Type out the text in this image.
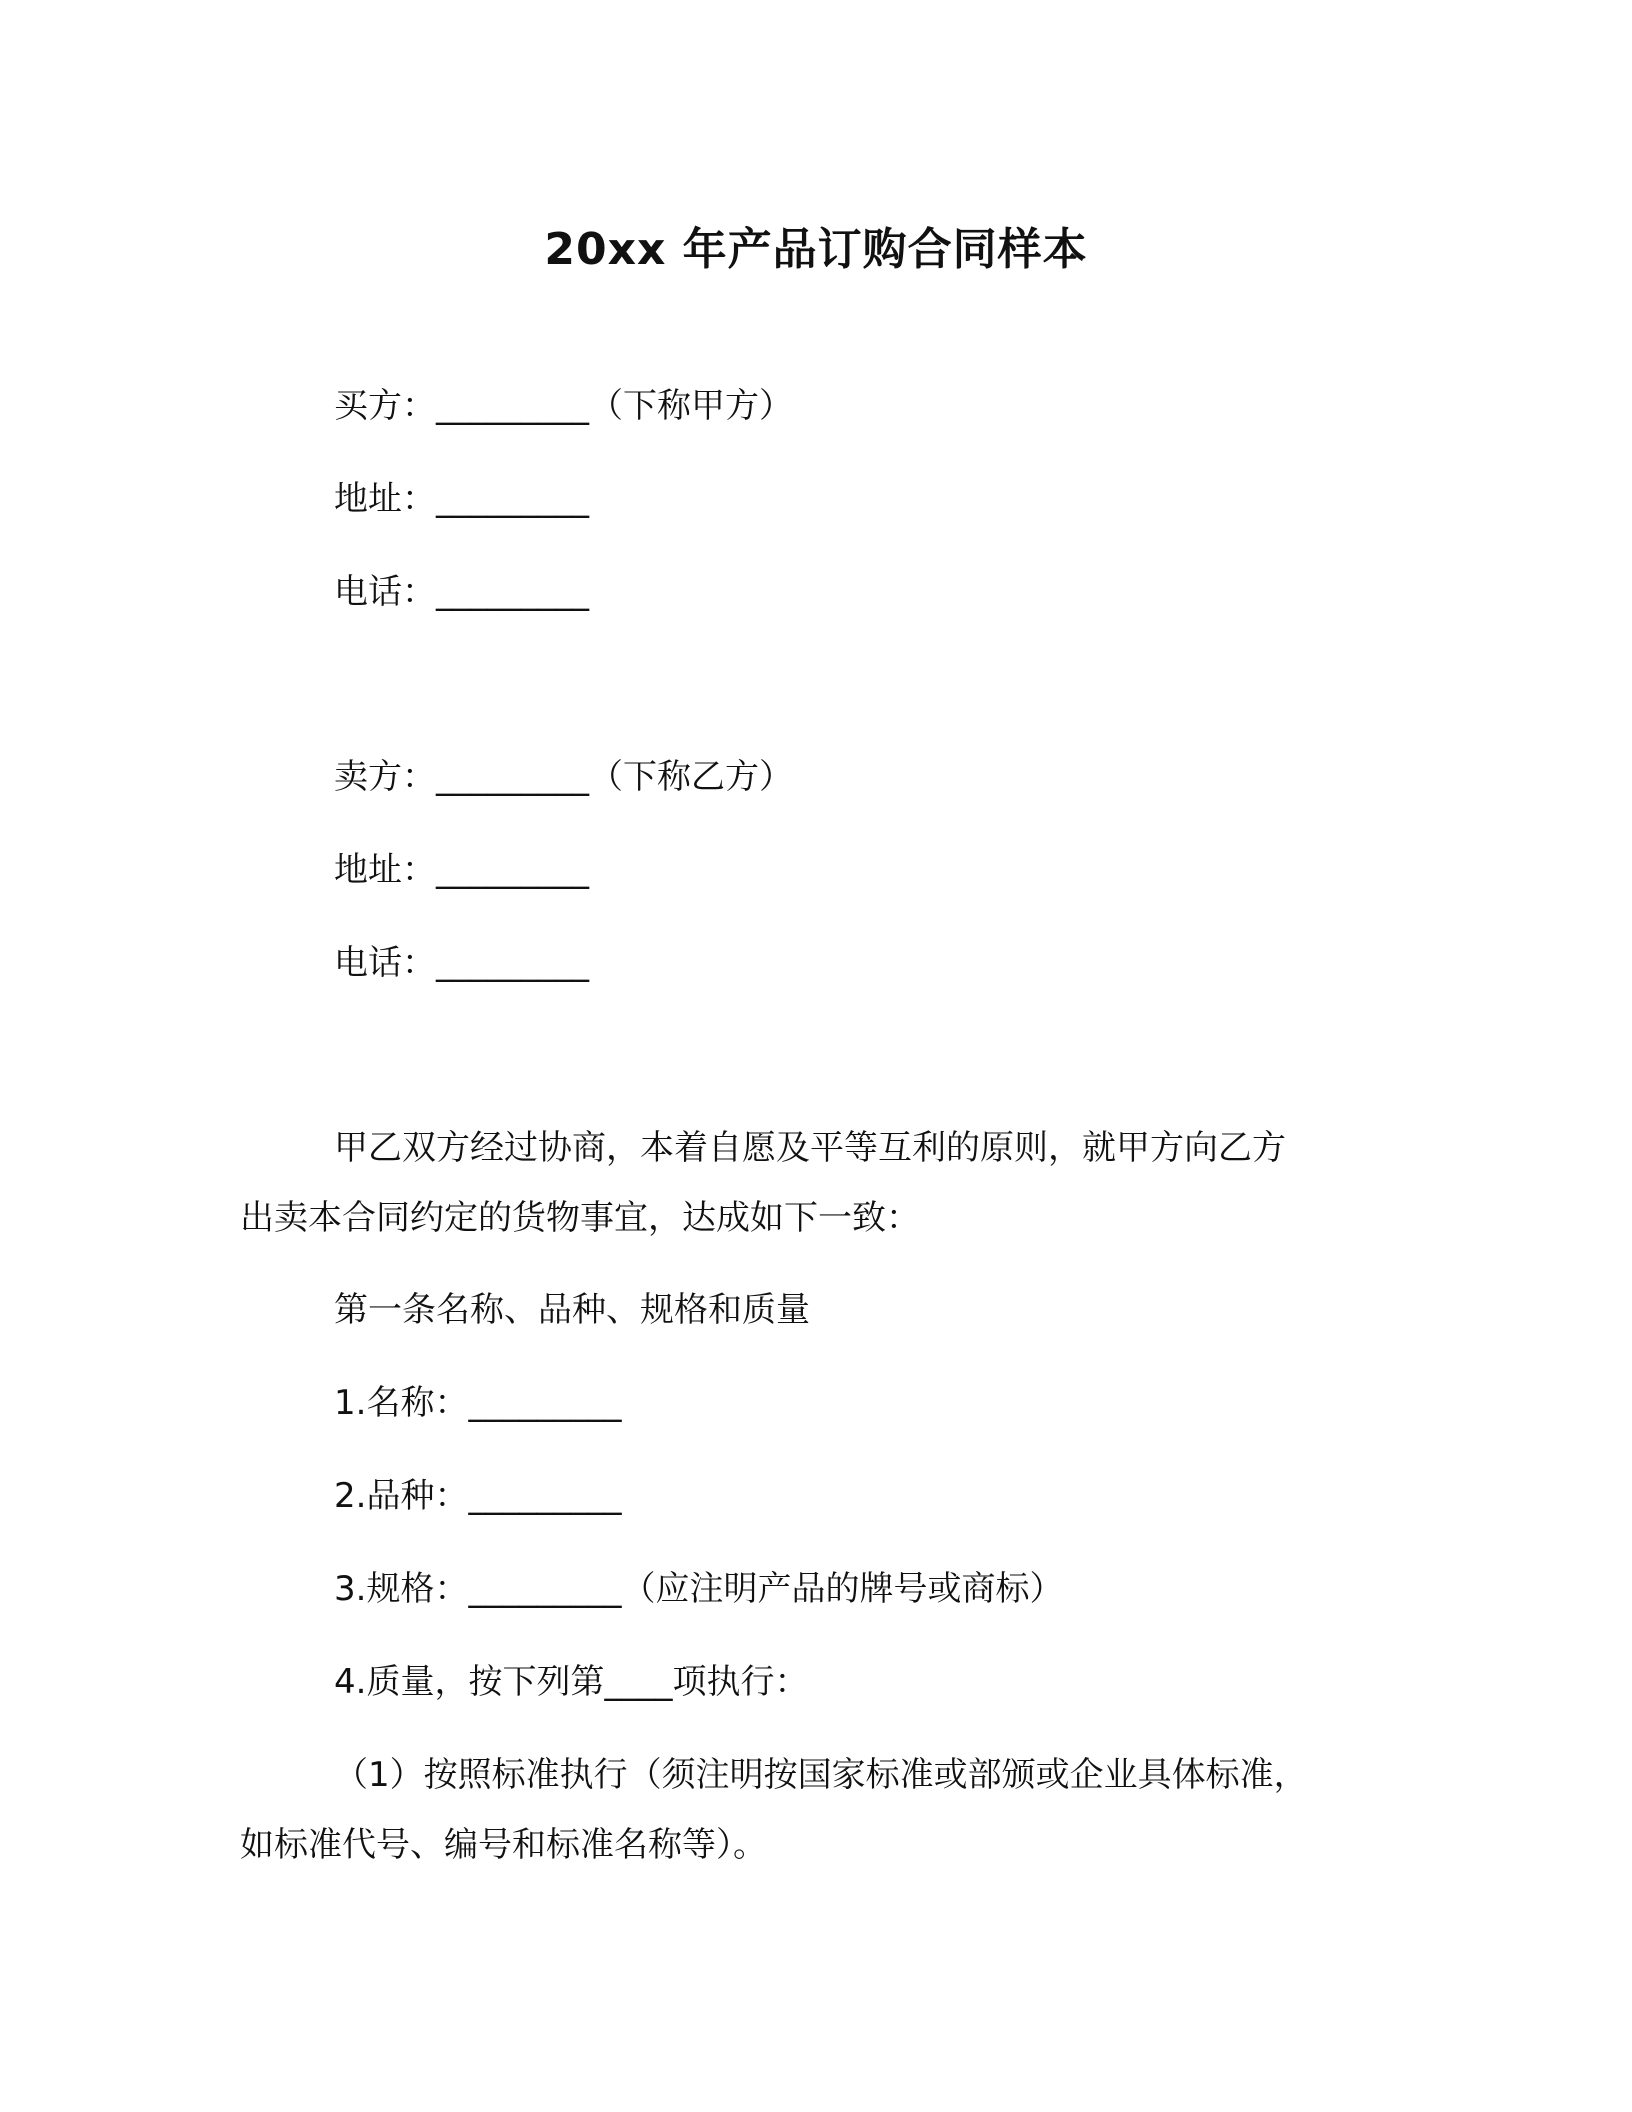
20xx 年产品订购合同样本
买方：_________（下称甲方）
地址：_________
电话：_________
卖方：_________（下称乙方）
地址：_________
电话：_________
甲乙双方经过协商，本着自愿及平等互利的原则，就甲方向乙方
出卖本合同约定的货物事宜，达成如下一致：
第一条名称、品种、规格和质量
1.名称：_________
2.品种：_________
3.规格：_________（应注明产品的牌号或商标）
4.质量，按下列第____项执行：
（1）按照标准执行（须注明按国家标准或部颁或企业具体标准，
如标准代号、编号和标准名称等）。
